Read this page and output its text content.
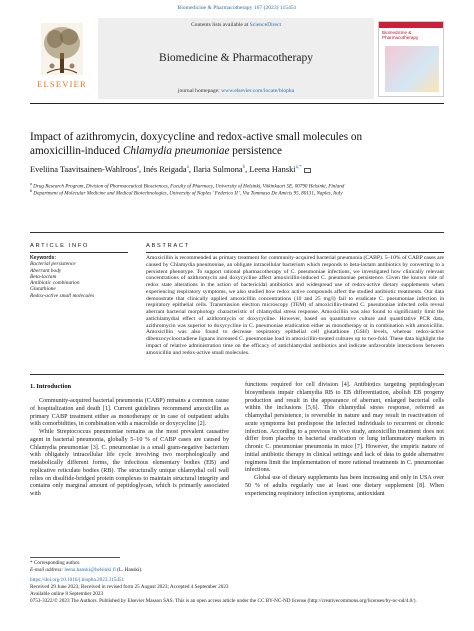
Biomedicine & Pharmacotherapy 167 (2023) 115451
ELSEVIER
Contents lists available at ScienceDirect
Biomedicine & Pharmacotherapy
journal homepage: www.elsevier.com/locate/biopha
Biomedicine & Pharmacotherapy
Impact of azithromycin, doxycycline and redox-active small molecules on
amoxicillin-induced Chlamydia pneumoniae persistence
Eveliina Taavitsainen-Wahlroos$^a$, Inés Reigada$^a$, Ilaria Sulmona$^b$, Leena Hanski$^{a,*}$
$^a$ Drug Research Program, Division of Pharmaceutical Biosciences, Faculty of Pharmacy, University of Helsinki, Viikinkaari 5E, 00790 Helsinki, Finland
$^b$ Department of Molecular Medicine and Medical Biotechnologies, University of Naples ' Federico II ', Via Tommaso De Amicis 95, 80131, Naples, Italy
ARTICLE INFO	ABSTRACT
Keywords:
Bacterial persistence
Aberrant body
Beta-lactam
Antibiotic combination
Glutathione
Redox-active small molecules
Amoxicillin is recommended as primary treatment for community-acquired bacterial pneumonia (CABP). 5–10% of CABP cases are caused by Chlamydia pneumoniae, an obligate intracellular bacterium which responds to beta-lactam antibiotics by converting to a persistent phenotype. To support rational pharmacotherapy of C. pneumoniae infections, we investigated how clinically relevant concentrations of azithromycin and doxycycline affect amoxicillin-induced C. pneumoniae persistence. Given the known role of redox state alterations in the action of bactericidal antibiotics and widespread use of redox-active dietary supplements when experiencing respiratory symptoms, we also studied how redox active compounds affect the studied antibiotic treatments. Our data demonstrate that clinically applied amoxicillin concentrations (10 and 25 mg/l) fail to eradicate C. pneumoniae infection in respiratory epithelial cells. Transmission electron microscopy (TEM) of amoxicillin-treated C. pneumoniae infected cells reveal aberrant bacterial morphology characteristic of chlamydial stress response. Amoxicillin was also found to significantly limit the antichlamydial effect of azithromycin or doxycycline. However, based on quantitative culture and quantitative PCR data, azithromycin was superior to doxycycline in C. pneumoniae eradication either as monotherapy or in combination with amoxicillin. Amoxicillin was also found to decrease respiratory epithelial cell glutathione (GSH) levels, whereas redox-active dibenzocyclooctadiene lignans increased C. pneumoniae load in amoxicillin-treated cultures up to two-fold. These data highlight the impact of relative administration time on the efficacy of antichlamydial antibiotics and indicate unfavorable interactions between amoxicillin and redox-active small molecules.
1. Introduction

Community-acquired bacterial pneumonia (CABP) remains a common cause of hospitalization and death [1]. Current guidelines recommend amoxicillin as primary CABP treatment either as monotherapy or in case of outpatient adults with comorbidities, in combination with a macrolide or doxycycline [2].

While Streptococcus pneumoniae remains as the most prevalent causative agent in bacterial pneumonia, globally 5–10 % of CABP cases are caused by Chlamydia pneumoniae [3]. C. pneumoniae is a small gram-negative bacterium with obligately intracellular life cycle involving two morphologically and metabolically different forms, the infectious elementary bodies (EB) and replicative reticulate bodies (RB). The structurally unique chlamydial cell wall relies on disulfide-bridged protein complexes to maintain structural integrity and contains only marginal amount of peptidoglycan, which is primarily associated with

functions required for cell division [4]. Antibiotics targeting peptidoglycan biosynthesis impair chlamydia RB to EB differentiation, abolish EB progeny production and result in the appearance of aberrant, enlarged bacterial cells within the inclusions [5,6]. This chlamydial stress response, referred as chlamydial persistence, is reversible in nature and may result in reactivation of acute symptoms but predispose the infected individuals to recurrent or chronic infection. According to a previous in vivo study, amoxicillin treatment does not differ from placebo in bacterial eradication or lung inflammatory markers in chronic C. pneumoniae pneumonia in mice [7]. However, the empiric nature of initial antibiotic therapy in clinical settings and lack of data to guide alternative regimens limit the implementation of more rational treatments in C. pneumoniae infections.

Global use of dietary supplements has been increasing and only in USA over 50 % of adults regularly use at least one dietary supplement [8]. When experiencing respiratory infection symptoms, antioxidant

* Corresponding author.
E-mail address: leena.hanski@helsinki.fi (L. Hanski).
https://doi.org/10.1016/j.biopha.2023.115451
Received 29 June 2023; Received in revised form 25 August 2023; Accepted 4 September 2023
Available online 8 September 2023
0753-3322/© 2023 The Authors. Published by Elsevier Masson SAS. This is an open access article under the CC BY-NC-ND license (http://creativecommons.org/licenses/by-nc-nd/4.0/).
